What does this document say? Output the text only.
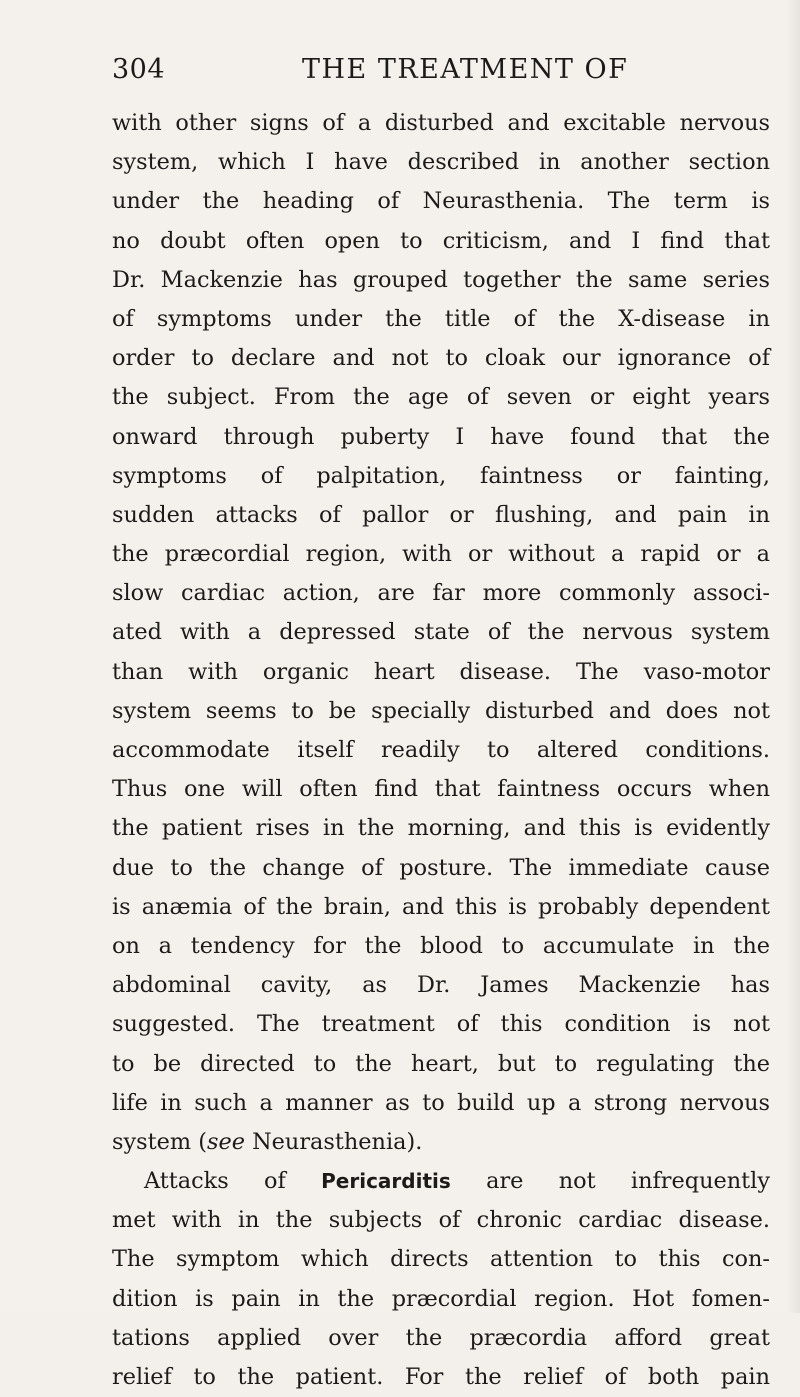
304	THE TREATMENT OF
with other signs of a disturbed and excitable nervous
system, which I have described in another section
under the heading of Neurasthenia. The term is
no doubt often open to criticism, and I find that
Dr. Mackenzie has grouped together the same series
of symptoms under the title of the X-disease in
order to declare and not to cloak our ignorance of
the subject. From the age of seven or eight years
onward through puberty I have found that the
symptoms of palpitation, faintness or fainting,
sudden attacks of pallor or flushing, and pain in
the præcordial region, with or without a rapid or a
slow cardiac action, are far more commonly associ-
ated with a depressed state of the nervous system
than with organic heart disease. The vaso-motor
system seems to be specially disturbed and does not
accommodate itself readily to altered conditions.
Thus one will often find that faintness occurs when
the patient rises in the morning, and this is evidently
due to the change of posture. The immediate cause
is anæmia of the brain, and this is probably dependent
on a tendency for the blood to accumulate in the
abdominal cavity, as Dr. James Mackenzie has
suggested. The treatment of this condition is not
to be directed to the heart, but to regulating the
life in such a manner as to build up a strong nervous
system (see Neurasthenia).
Attacks of Pericarditis are not infrequently
met with in the subjects of chronic cardiac disease.
The symptom which directs attention to this con-
dition is pain in the præcordial region. Hot fomen-
tations applied over the præcordia afford great
relief to the patient. For the relief of both pain
